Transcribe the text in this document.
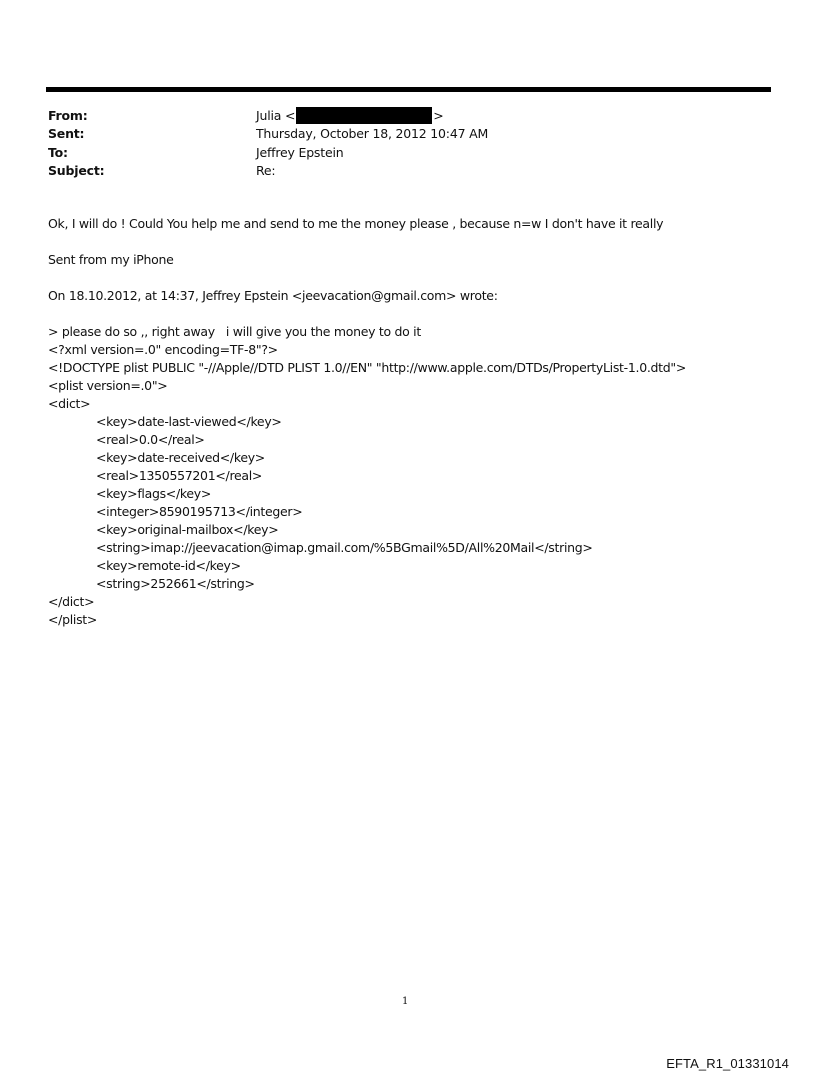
From:	Julia <	>
Sent:	Thursday, October 18, 2012 10:47 AM
To:	Jeffrey Epstein
Subject:	Re:

Ok, I will do ! Could You help me and send to me the money please , because n=w I don't have it really

Sent from my iPhone

On 18.10.2012, at 14:37, Jeffrey Epstein <jeevacation@gmail.com> wrote:

> please do so ,, right away   i will give you the money to do it
<?xml version=.0" encoding=TF-8"?>
<!DOCTYPE plist PUBLIC "-//Apple//DTD PLIST 1.0//EN" "http://www.apple.com/DTDs/PropertyList-1.0.dtd">
<plist version=.0">
<dict>
<key>date-last-viewed</key>
<real>0.0</real>
<key>date-received</key>
<real>1350557201</real>
<key>flags</key>
<integer>8590195713</integer>
<key>original-mailbox</key>
<string>imap://jeevacation@imap.gmail.com/%5BGmail%5D/All%20Mail</string>
<key>remote-id</key>
<string>252661</string>
</dict>
</plist>
1
EFTA_R1_01331014
